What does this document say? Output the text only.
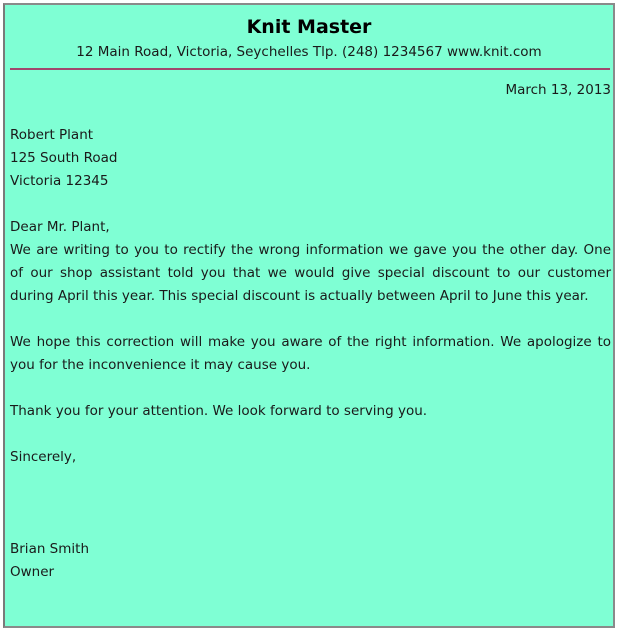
Knit Master
12 Main Road, Victoria, Seychelles Tlp. (248) 1234567 www.knit.com
March 13, 2013
Robert Plant
125 South Road
Victoria 12345
Dear Mr. Plant,
We are writing to you to rectify the wrong information we gave you the other day. One of our shop assistant told you that we would give special discount to our customer during April this year. This special discount is actually between April to June this year.
We hope this correction will make you aware of the right information. We apologize to you for the inconvenience it may cause you.
Thank you for your attention. We look forward to serving you.
Sincerely,
Brian Smith
Owner
